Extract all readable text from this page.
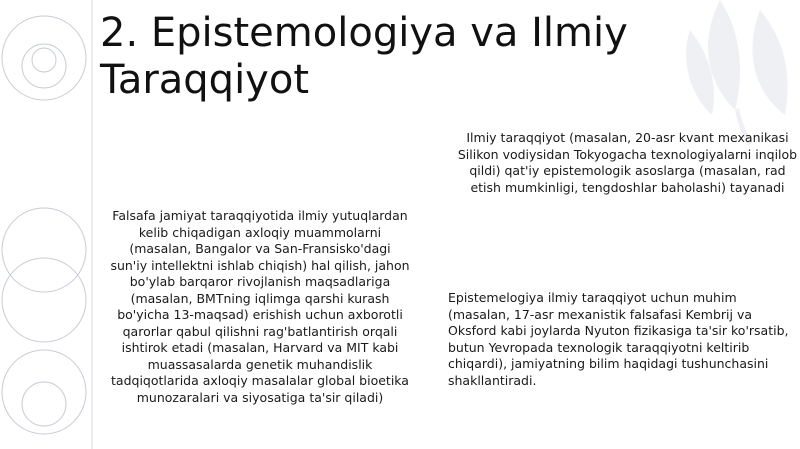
2. Epistemologiya va Ilmiy Taraqqiyot

Falsafa jamiyat taraqqiyotida ilmiy yutuqlardan kelib chiqadigan axloqiy muammolarni (masalan, Bangalor va San-Fransisko'dagi sun'iy intellektni ishlab chiqish) hal qilish, jahon bo'ylab barqaror rivojlanish maqsadlariga (masalan, BMTning iqlimga qarshi kurash bo'yicha 13-maqsad) erishish uchun axborotli qarorlar qabul qilishni rag'batlantirish orqali ishtirok etadi (masalan, Harvard va MIT kabi muassasalarda genetik muhandislik tadqiqotlarida axloqiy masalalar global bioetika munozaralari va siyosatiga ta'sir qiladi)

Ilmiy taraqqiyot (masalan, 20-asr kvant mexanikasi Silikon vodiysidan Tokyogacha texnologiyalarni inqilob qildi) qat'iy epistemologik asoslarga (masalan, rad etish mumkinligi, tengdoshlar baholashi) tayanadi

Epistemelogiya ilmiy taraqqiyot uchun muhim (masalan, 17-asr mexanistik falsafasi Kembrij va Oksford kabi joylarda Nyuton fizikasiga ta'sir ko'rsatib, butun Yevropada texnologik taraqqiyotni keltirib chiqardi), jamiyatning bilim haqidagi tushunchasini shakllantiradi.
